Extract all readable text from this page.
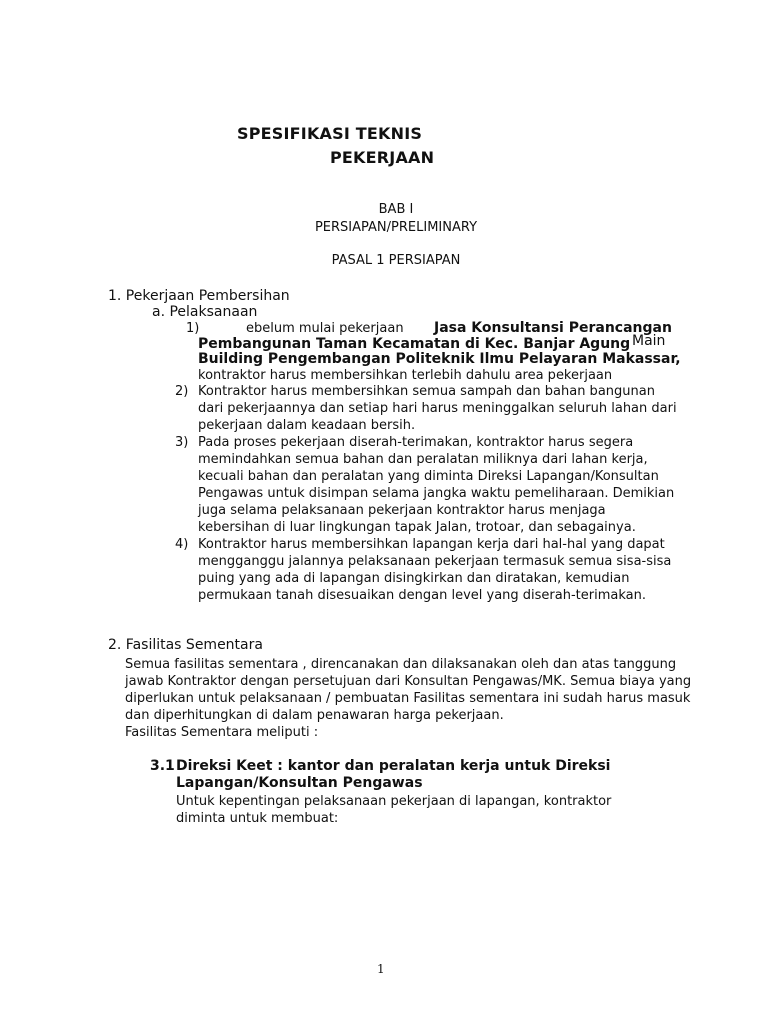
SPESIFIKASI TEKNIS
PEKERJAAN
BAB I
PERSIAPAN/PRELIMINARY
PASAL 1 PERSIAPAN
1. Pekerjaan Pembersihan
a. Pelaksanaan
1)	ebelum mulai pekerjaan Jasa Konsultansi Perancangan
Pembangunan Taman Kecamatan di Kec. Banjar Agung Main
Building Pengembangan Politeknik Ilmu Pelayaran Makassar,
kontraktor harus membersihkan terlebih dahulu area pekerjaan
2) Kontraktor harus membersihkan semua sampah dan bahan bangunan
dari pekerjaannya dan setiap hari harus meninggalkan seluruh lahan dari
pekerjaan dalam keadaan bersih.
3) Pada proses pekerjaan diserah-terimakan, kontraktor harus segera
memindahkan semua bahan dan peralatan miliknya dari lahan kerja,
kecuali bahan dan peralatan yang diminta Direksi Lapangan/Konsultan
Pengawas untuk disimpan selama jangka waktu pemeliharaan. Demikian
juga selama pelaksanaan pekerjaan kontraktor harus menjaga
kebersihan di luar lingkungan tapak Jalan, trotoar, dan sebagainya.
4) Kontraktor harus membersihkan lapangan kerja dari hal-hal yang dapat
mengganggu jalannya pelaksanaan pekerjaan termasuk semua sisa-sisa
puing yang ada di lapangan disingkirkan dan diratakan, kemudian
permukaan tanah disesuaikan dengan level yang diserah-terimakan.
2. Fasilitas Sementara
Semua fasilitas sementara , direncanakan dan dilaksanakan oleh dan atas tanggung
jawab Kontraktor dengan persetujuan dari Konsultan Pengawas/MK. Semua biaya yang
diperlukan untuk pelaksanaan / pembuatan Fasilitas sementara ini sudah harus masuk
dan diperhitungkan di dalam penawaran harga pekerjaan.
Fasilitas Sementara meliputi :
3.1 Direksi Keet : kantor dan peralatan kerja untuk Direksi
Lapangan/Konsultan Pengawas
Untuk kepentingan pelaksanaan pekerjaan di lapangan, kontraktor
diminta untuk membuat:
1
